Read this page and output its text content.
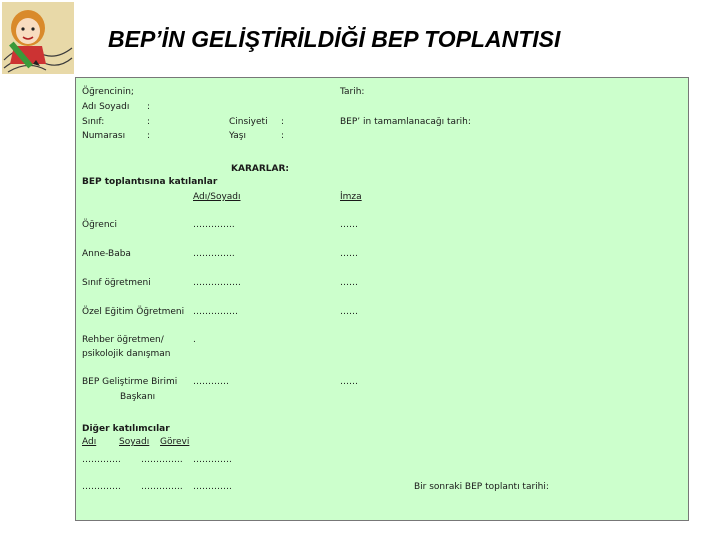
BEP’İN GELİŞTİRİLDİĞİ BEP TOPLANTISI
Öğrencinin;	Tarih:
Adı Soyadı :
Sınıf:	:	Cinsiyeti :	BEP’ in tamamlanacağı tarih:
Numarası :	Yaşı	:
KARARLAR:
BEP toplantısına katılanlar
Adı/Soyadı	İmza
Öğrenci	…………..	……
Anne-Baba	…………..	……
Sınıf öğretmeni	…………….	……
Özel Eğitim Öğretmeni ……………	……
Rehber öğretmen/	.
psikolojik danışman
BEP Geliştirme Birimi …………	……
Başkanı
Diğer katılımcılar
Adı	Soyadı Görevi
…………. ………….. ………….
…………. ………….. ………….	Bir sonraki BEP toplantı tarihi:
